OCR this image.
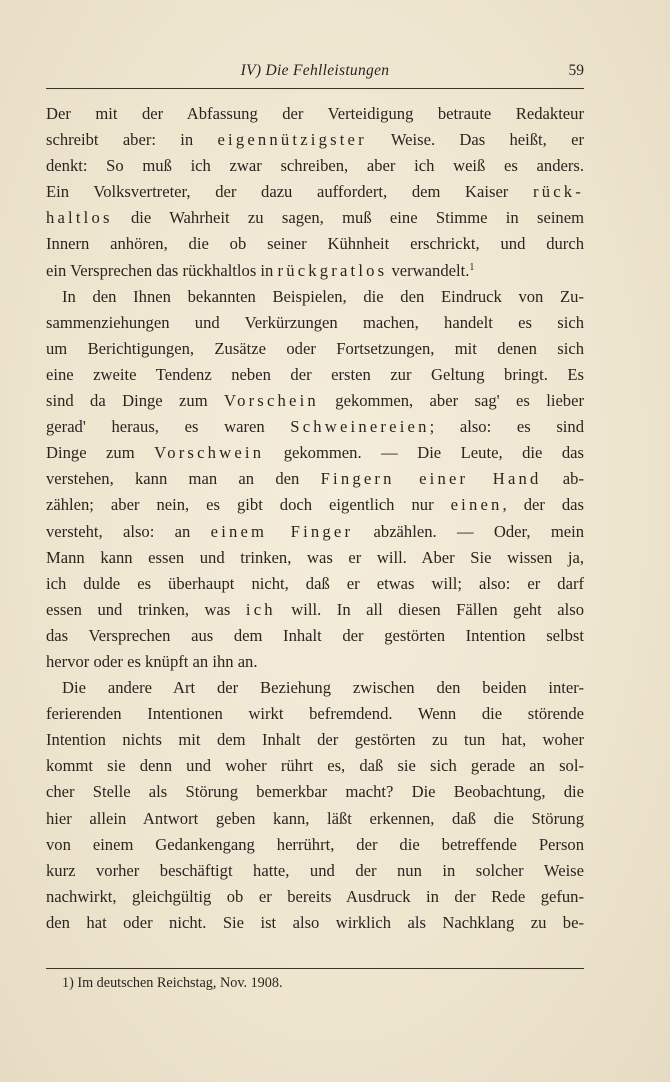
IV) Die Fehlleistungen	59
Der mit der Abfassung der Verteidigung betraute Redakteur
schreibt aber: in eigennützigster Weise. Das heißt, er
denkt: So muß ich zwar schreiben, aber ich weiß es anders.
Ein Volksvertreter, der dazu auffordert, dem Kaiser rück-
haltlos die Wahrheit zu sagen, muß eine Stimme in seinem
Innern anhören, die ob seiner Kühnheit erschrickt, und durch
ein Versprechen das rückhaltlos in rückgratlos verwandelt.$^1$
In den Ihnen bekannten Beispielen, die den Eindruck von Zu-
sammenziehungen und Verkürzungen machen, handelt es sich
um Berichtigungen, Zusätze oder Fortsetzungen, mit denen sich
eine zweite Tendenz neben der ersten zur Geltung bringt. Es
sind da Dinge zum Vorschein gekommen, aber sag' es lieber
gerad' heraus, es waren Schweinereien; also: es sind
Dinge zum Vorschwein gekommen. — Die Leute, die das
verstehen, kann man an den Fingern einer Hand ab-
zählen; aber nein, es gibt doch eigentlich nur einen, der das
versteht, also: an einem Finger abzählen. — Oder, mein
Mann kann essen und trinken, was er will. Aber Sie wissen ja,
ich dulde es überhaupt nicht, daß er etwas will; also: er darf
essen und trinken, was ich will. In all diesen Fällen geht also
das Versprechen aus dem Inhalt der gestörten Intention selbst
hervor oder es knüpft an ihn an.
Die andere Art der Beziehung zwischen den beiden inter-
ferierenden Intentionen wirkt befremdend. Wenn die störende
Intention nichts mit dem Inhalt der gestörten zu tun hat, woher
kommt sie denn und woher rührt es, daß sie sich gerade an sol-
cher Stelle als Störung bemerkbar macht? Die Beobachtung, die
hier allein Antwort geben kann, läßt erkennen, daß die Störung
von einem Gedankengang herrührt, der die betreffende Person
kurz vorher beschäftigt hatte, und der nun in solcher Weise
nachwirkt, gleichgültig ob er bereits Ausdruck in der Rede gefun-
den hat oder nicht. Sie ist also wirklich als Nachklang zu be-
1) Im deutschen Reichstag, Nov. 1908.
